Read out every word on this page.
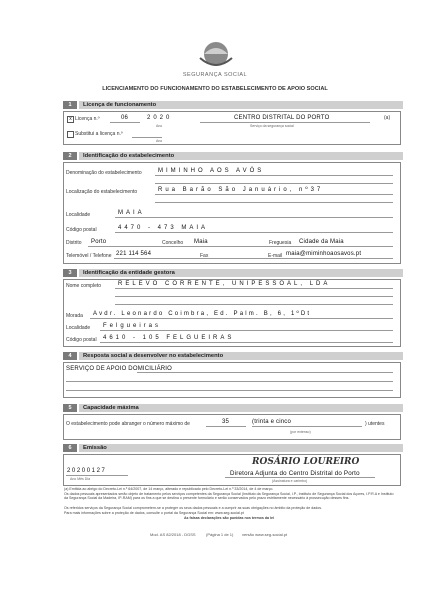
SEGURANÇA SOCIAL
LICENCIAMENTO DO FUNCIONAMENTO DO ESTABELECIMENTO DE APOIO SOCIAL
1	Licença de funcionamento
x Licença n.º	06	2020
Ano
CENTRO DISTRITAL DO PORTO
Serviço da segurança social
(a)
Substitui a licença n.º
Ano
2	Identificação do estabelecimento
Denominação do estabelecimento	MIMINHO AOS AVÓS
Localização do estabelecimento	Rua Barão São Januário, nº37
Localidade	MAIA
Código postal	4470 - 473 MAIA
Distrito Porto	Concelho Maia	Freguesia Cidade da Maia
Telemóvel / Telefone 221 114 564	Fax	E-mail maia@miminhoaosavos.pt
3	Identificação da entidade gestora
Nome completo	RELEVO CORRENTE, UNIPESSOAL, LDA
Morada Avdr. Leonardo Coimbra, Ed. Palm. B, 6, 1ºDt
Localidade Felgueiras
Código postal 4610 - 105 FELGUEIRAS
4	Resposta social a desenvolver no estabelecimento
SERVIÇO DE APOIO DOMICILIÁRIO
5	Capacidade máxima
O estabelecimento pode abranger o número máximo de	35	(trinta e cinco	) utentes
(por extenso)
6	Emissão
20200127
Ano Mês Dia
ROSÁRIO LOUREIRO
Diretora Adjunta do Centro Distrital do Porto
(Assinatura e carimbo)
(a) Emitida ao abrigo do Decreto-Lei n.º 64/2007, de 14 março, alterado e republicado pelo Decreto-Lei n.º 33/2014, de 4 de março.
Os dados pessoais apresentados serão objeto de tratamento pelos serviços competentes da Segurança Social (Instituto da Segurança Social, I.P., Instituto de Segurança Social dos Açores, I.P.R.A e Instituto da Segurança Social da Madeira, IP-RAM) para os fins a que se destina o presente formulário e serão conservados pelo prazo estritamente necessário à prossecução desses fins.
Os referidos serviços da Segurança Social comprometem-se a proteger os seus dados pessoais e a cumprir as suas obrigações no âmbito da proteção de dados.
Para mais informações sobre a proteção de dados, consulte o portal da Segurança Social em: www.seg-social.pt
As falsas declarações são punidas nos termos da lei
Mod. AS 82/2018 - DGSS	(Página 1 de 1) versão www.seg-social.pt
